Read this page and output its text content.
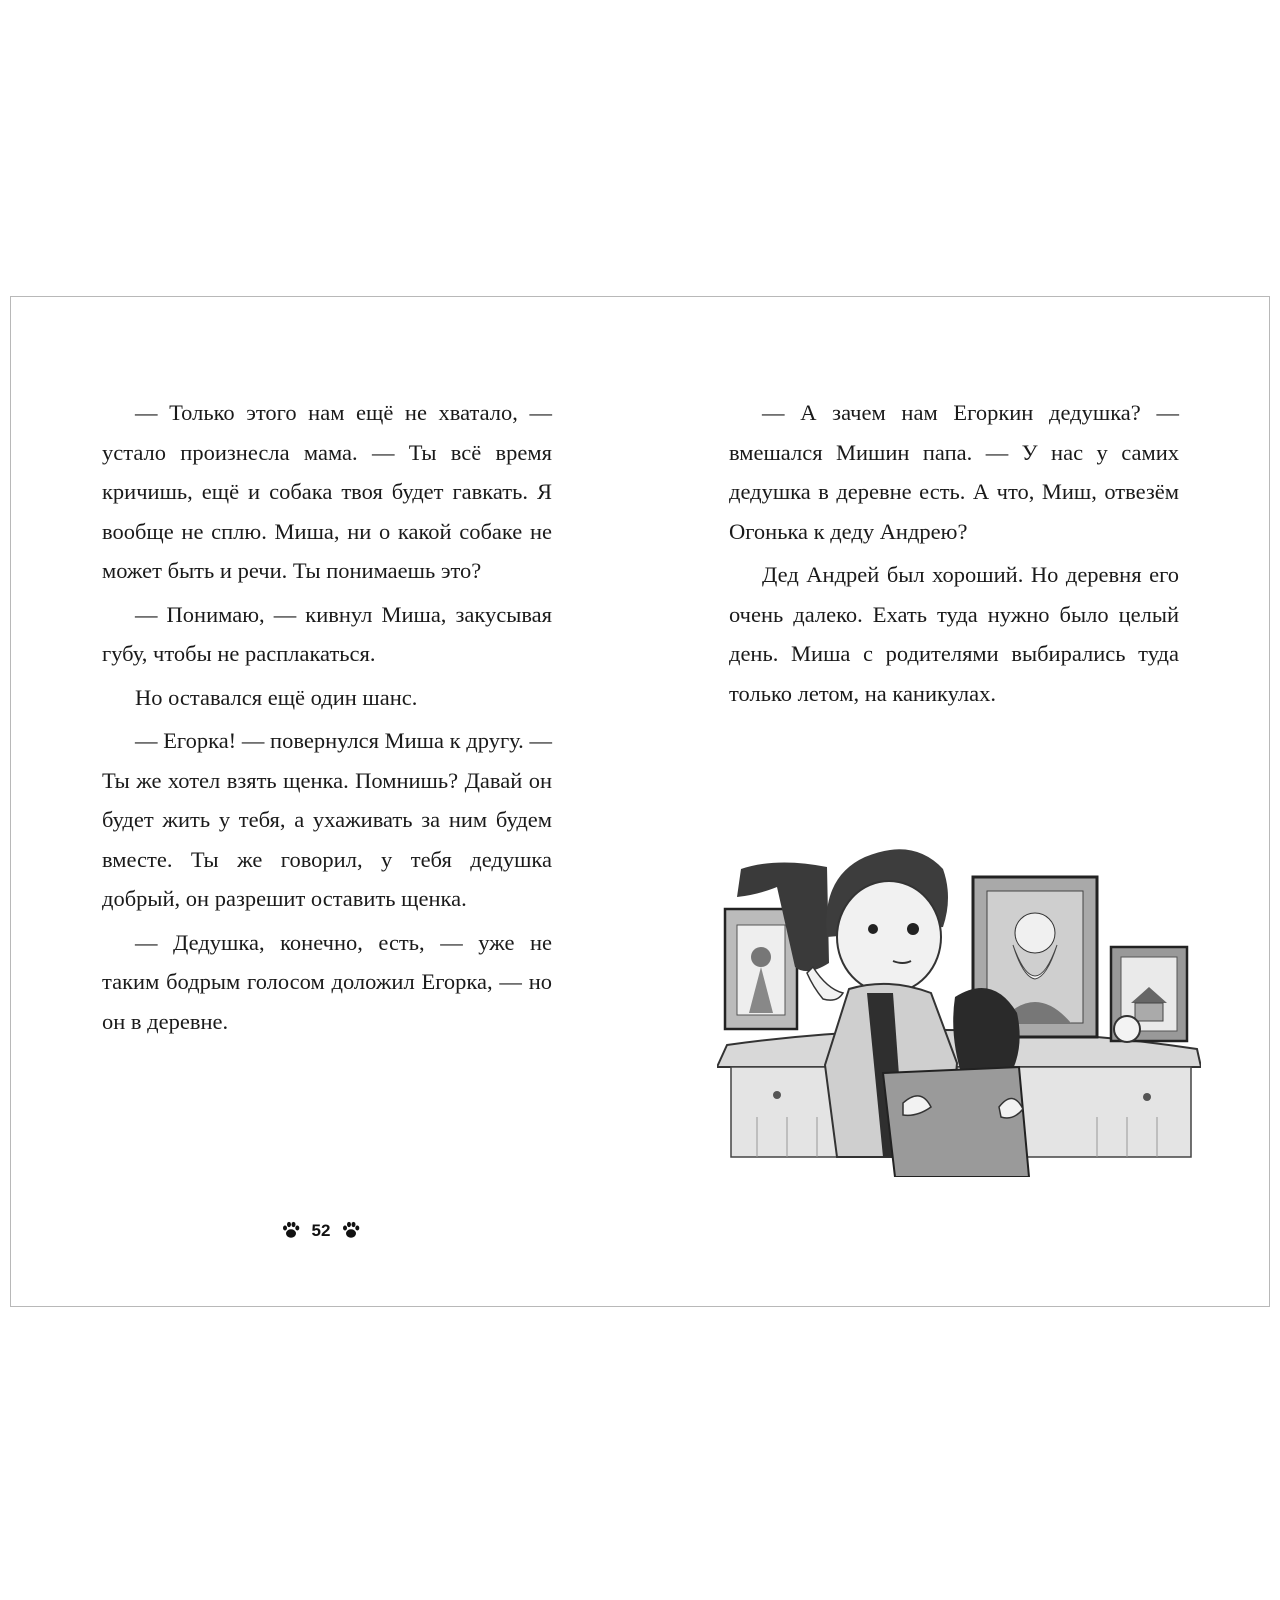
— Только этого нам ещё не хватало, — устало произнесла мама. — Ты всё время кричишь, ещё и собака твоя будет гавкать. Я вообще не сплю. Миша, ни о какой собаке не может быть и речи. Ты понимаешь это?

— Понимаю, — кивнул Миша, закусывая губу, чтобы не расплакаться.

Но оставался ещё один шанс.

— Егорка! — повернулся Миша к другу. — Ты же хотел взять щенка. Помнишь? Давай он будет жить у тебя, а ухаживать за ним будем вместе. Ты же говорил, у тебя дедушка добрый, он разрешит оставить щенка.

— Дедушка, конечно, есть, — уже не таким бодрым голосом доложил Егорка, — но он в деревне.

52

— А зачем нам Егоркин дедушка? — вмешался Мишин папа. — У нас у самих дедушка в деревне есть. А что, Миш, отвезём Огонька к деду Андрею?

Дед Андрей был хороший. Но деревня его очень далеко. Ехать туда нужно было целый день. Миша с родителями выбирались туда только летом, на каникулах.
